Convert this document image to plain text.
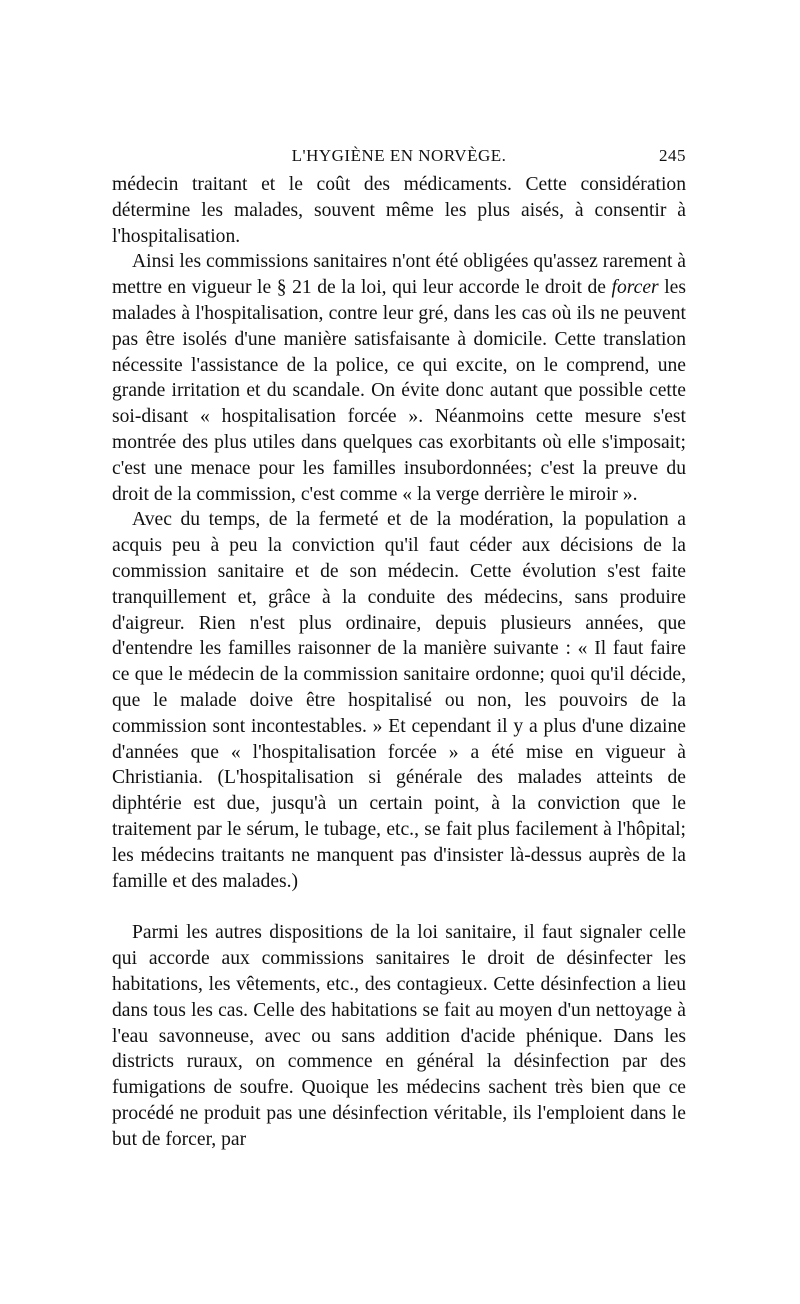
L'HYGIÈNE EN NORVÈGE.	245

médecin traitant et le coût des médicaments. Cette considération détermine les malades, souvent même les plus aisés, à consentir à l'hospitalisation.

Ainsi les commissions sanitaires n'ont été obligées qu'assez rarement à mettre en vigueur le § 21 de la loi, qui leur accorde le droit de forcer les malades à l'hospitalisation, contre leur gré, dans les cas où ils ne peuvent pas être isolés d'une manière satisfaisante à domicile. Cette translation nécessite l'assistance de la police, ce qui excite, on le comprend, une grande irritation et du scandale. On évite donc autant que possible cette soi-disant « hospitalisation forcée ». Néanmoins cette mesure s'est montrée des plus utiles dans quelques cas exorbitants où elle s'imposait; c'est une menace pour les familles insubordonnées; c'est la preuve du droit de la commission, c'est comme « la verge derrière le miroir ».

Avec du temps, de la fermeté et de la modération, la population a acquis peu à peu la conviction qu'il faut céder aux décisions de la commission sanitaire et de son médecin. Cette évolution s'est faite tranquillement et, grâce à la conduite des médecins, sans produire d'aigreur. Rien n'est plus ordinaire, depuis plusieurs années, que d'entendre les familles raisonner de la manière suivante : « Il faut faire ce que le médecin de la commission sanitaire ordonne; quoi qu'il décide, que le malade doive être hospitalisé ou non, les pouvoirs de la commission sont incontestables. » Et cependant il y a plus d'une dizaine d'années que « l'hospitalisation forcée » a été mise en vigueur à Christiania. (L'hospitalisation si générale des malades atteints de diphtérie est due, jusqu'à un certain point, à la conviction que le traitement par le sérum, le tubage, etc., se fait plus facilement à l'hôpital; les médecins traitants ne manquent pas d'insister là-dessus auprès de la famille et des malades.)

Parmi les autres dispositions de la loi sanitaire, il faut signaler celle qui accorde aux commissions sanitaires le droit de désinfecter les habitations, les vêtements, etc., des contagieux. Cette désinfection a lieu dans tous les cas. Celle des habitations se fait au moyen d'un nettoyage à l'eau savonneuse, avec ou sans addition d'acide phénique. Dans les districts ruraux, on commence en général la désinfection par des fumigations de soufre. Quoique les médecins sachent très bien que ce procédé ne produit pas une désinfection véritable, ils l'emploient dans le but de forcer, par
